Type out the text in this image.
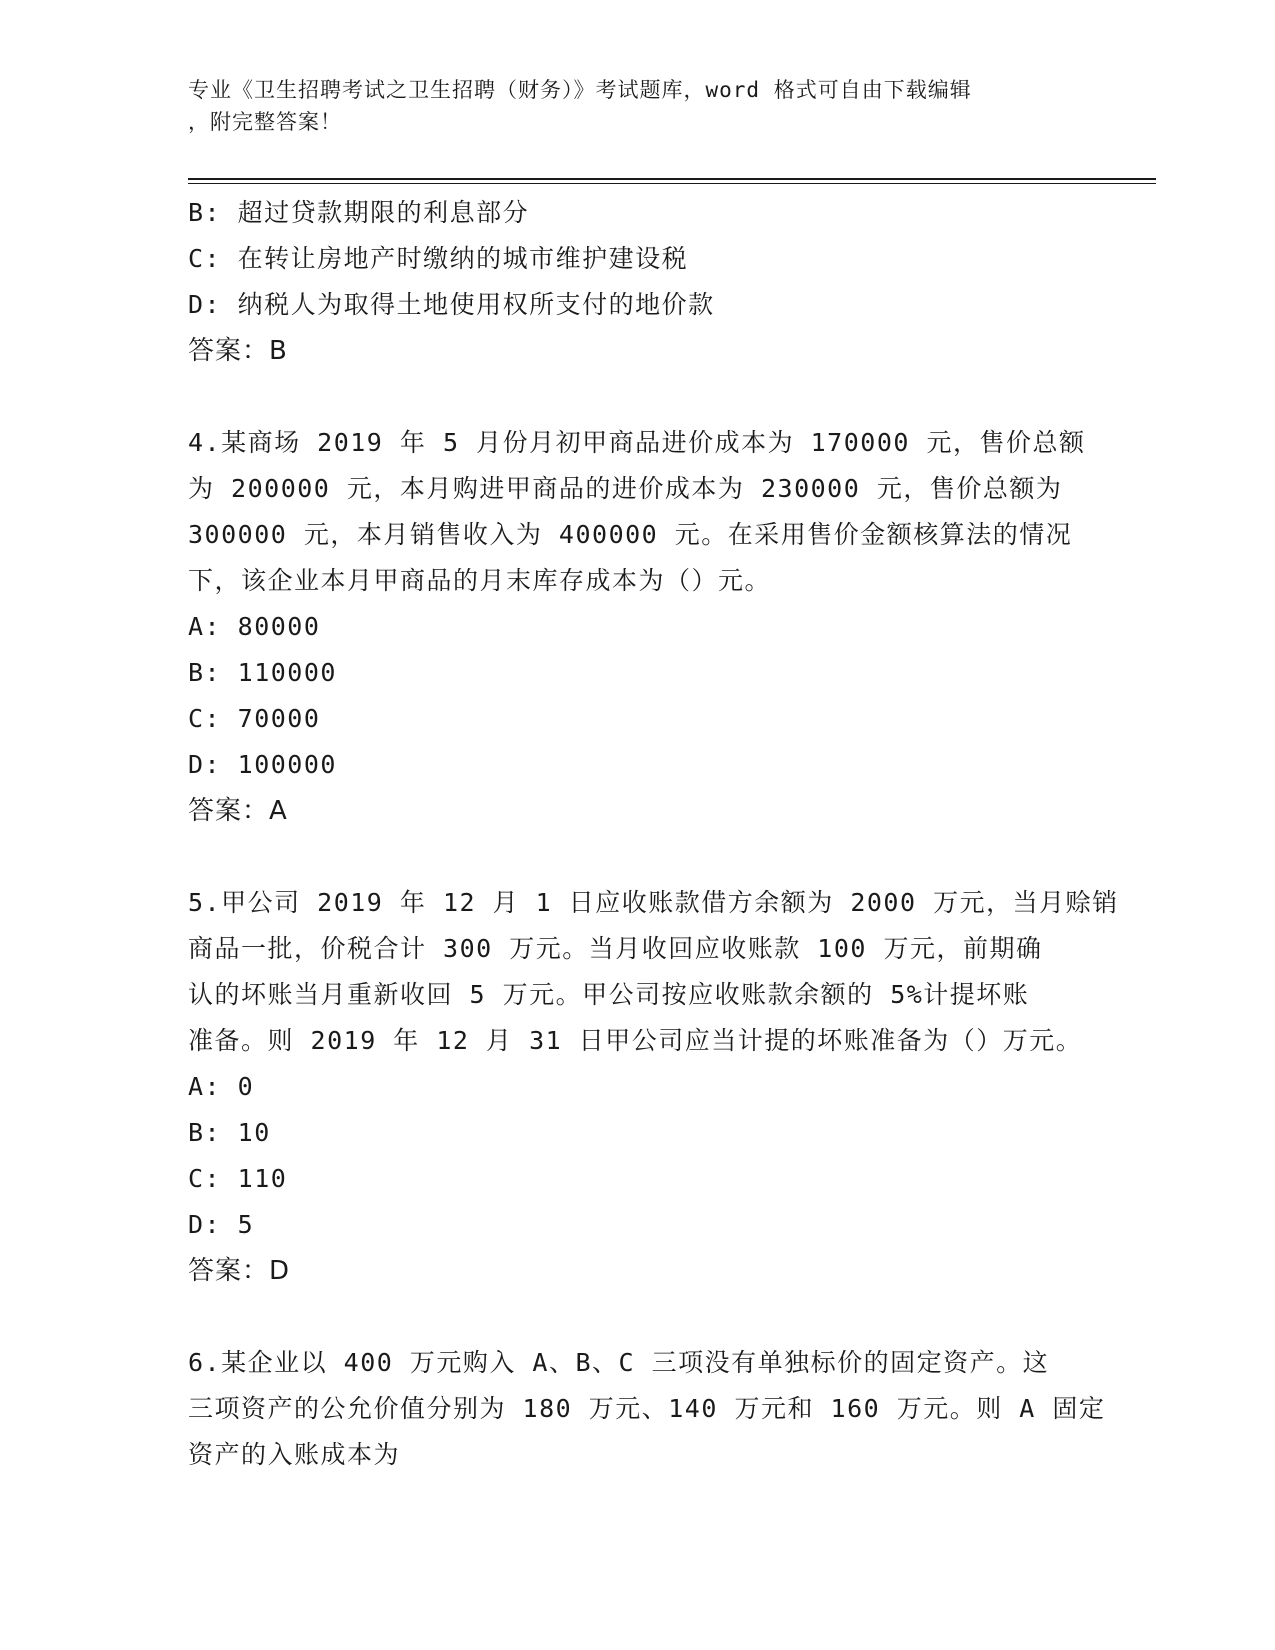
专业《卫生招聘考试之卫生招聘（财务）》考试题库，word 格式可自由下载编辑
，附完整答案！
B: 超过贷款期限的利息部分
C: 在转让房地产时缴纳的城市维护建设税
D: 纳税人为取得土地使用权所支付的地价款
答案：B
4.某商场 2019 年 5 月份月初甲商品进价成本为 170000 元，售价总额
为 200000 元，本月购进甲商品的进价成本为 230000 元，售价总额为
300000 元，本月销售收入为 400000 元。在采用售价金额核算法的情况
下，该企业本月甲商品的月末库存成本为（）元。
A: 80000
B: 110000
C: 70000
D: 100000
答案：A
5.甲公司 2019 年 12 月 1 日应收账款借方余额为 2000 万元，当月赊销
商品一批，价税合计 300 万元。当月收回应收账款 100 万元，前期确
认的坏账当月重新收回 5 万元。甲公司按应收账款余额的 5%计提坏账
准备。则 2019 年 12 月 31 日甲公司应当计提的坏账准备为（）万元。
A: 0
B: 10
C: 110
D: 5
答案：D
6.某企业以 400 万元购入 A、B、C 三项没有单独标价的固定资产。这
三项资产的公允价值分别为 180 万元、140 万元和 160 万元。则 A 固定
资产的入账成本为
